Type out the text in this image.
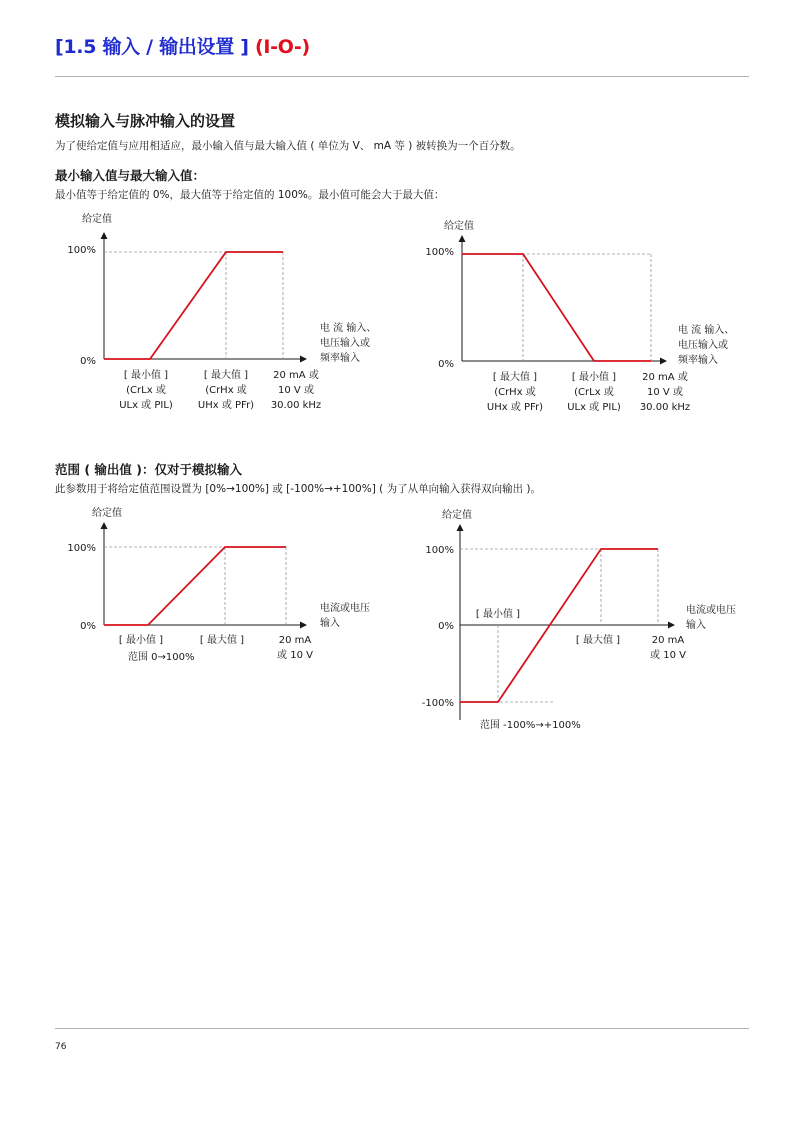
[1.5 输入 / 输出设置 ] (I-O-)
模拟输入与脉冲输入的设置
为了使给定值与应用相适应，最小输入值与最大输入值 ( 单位为 V、 mA 等 ) 被转换为一个百分数。
最小输入值与最大输入值：
最小值等于给定值的 0%，最大值等于给定值的 100%。最小值可能会大于最大值：
范围 ( 输出值 )：仅对于模拟输入
此参数用于将给定值范围设置为 [0%→100%] 或 [-100%→+100%] ( 为了从单向输入获得双向输出 )。
给定值
100%
0%
电 流 输入、
电压输入或
频率输入
[ 最小值 ]
(CrLx 或
ULx 或 PIL)
[ 最大值 ]
(CrHx 或
UHx 或 PFr)
20 mA 或
10 V 或
30.00 kHz
给定值
100%
0%
电 流 输入、
电压输入或
频率输入
[ 最大值 ]
(CrHx 或
UHx 或 PFr)
[ 最小值 ]
(CrLx 或
ULx 或 PIL)
20 mA 或
10 V 或
30.00 kHz
给定值
100%
0%
电流或电压
输入
[ 最小值 ]	[ 最大值 ]	20 mA
或 10 V
范围 0→100%
给定值
100%
0%
-100%
电流或电压
输入
[ 最小值 ]
[ 最大值 ]	20 mA
或 10 V
范围 -100%→+100%
76
